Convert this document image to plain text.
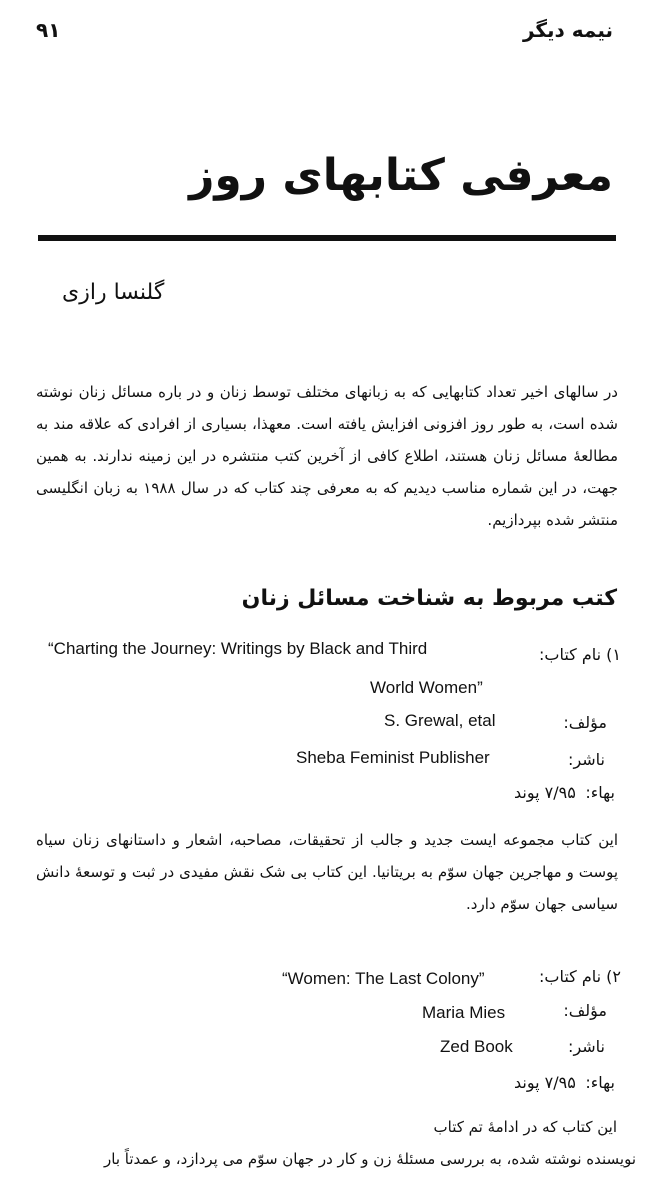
۹۱	نیمه دیگر
معرفی کتابهای روز
گلنسا رازی
در سالهای اخیر تعداد کتابهایی که به زبانهای مختلف توسط زنان و در باره مسائل زنان نوشته شده است، به طور روز افزونی افزایش یافته است. معهذا، بسیاری از افرادی که علاقه مند به مطالعهٔ مسائل زنان هستند، اطلاع کافی از آخرین کتب منتشره در این زمینه ندارند. به همین جهت، در این شماره مناسب دیدیم که به معرفی چند کتاب که در سال ۱۹۸۸ به زبان انگلیسی منتشر شده بپردازیم.
کتب مربوط به شناخت مسائل زنان
۱) نام کتاب:
“Charting the Journey: Writings by Black and Third
World Women”
مؤلف:
S. Grewal, etal
ناشر:
Sheba Feminist Publisher
بهاء:
۷/۹۵ پوند
این کتاب مجموعه ایست جدید و جالب از تحقیقات، مصاحبه، اشعار و داستانهای زنان سیاه پوست و مهاجرین جهان سوّم به بریتانیا. این کتاب بی شک نقش مفیدی در ثبت و توسعهٔ دانش سیاسی جهان سوّم دارد.
۲) نام کتاب:
“Women: The Last Colony”
مؤلف:
Maria Mies
ناشر:
Zed Book
بهاء:
۷/۹۵ پوند
این کتاب که در ادامهٔ تم کتاب
نویسنده نوشته شده، به بررسی مسئلهٔ زن و کار در جهان سوّم می پردازد، و عمدتاً بار
